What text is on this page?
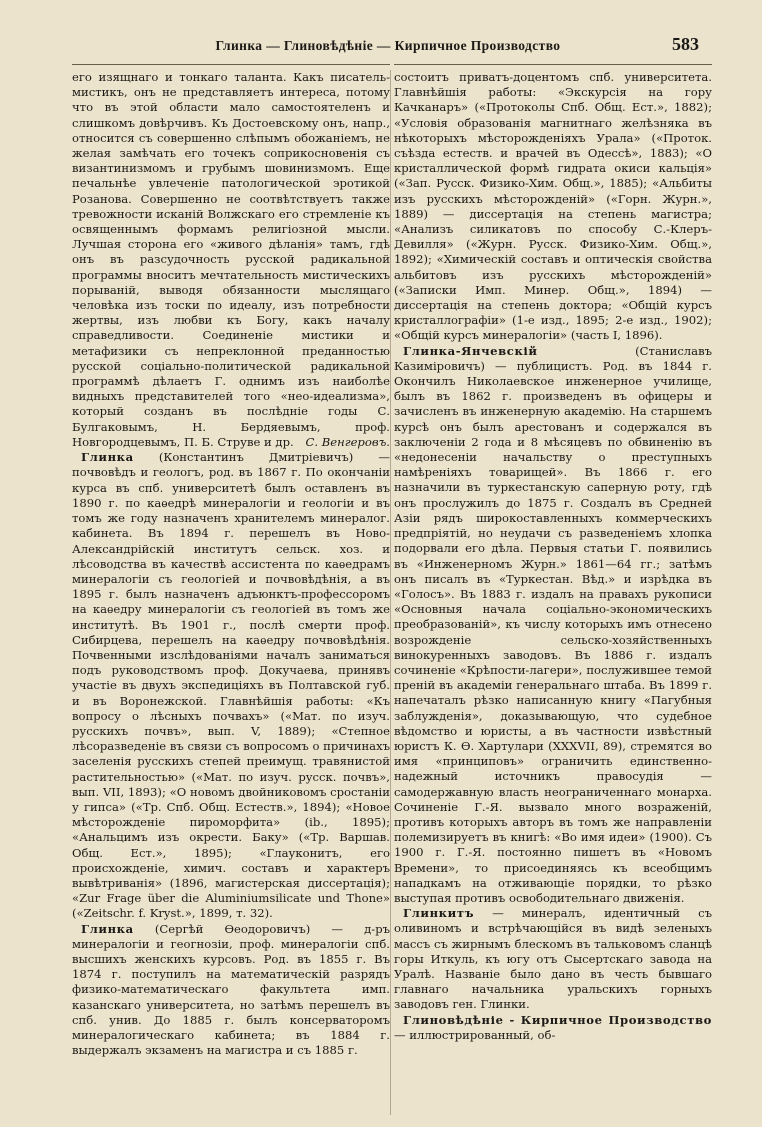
Глинка — Глиновѣдѣніе — Кирпичное Производство	583

его изящнаго и тонкаго таланта. Какъ писатель-мистикъ, онъ не представляетъ интереса, потому что въ этой области мало самостоятеленъ и слишкомъ довѣрчивъ. Къ Достоевскому онъ, напр., относится съ совершенно слѣпымъ обожаніемъ, не желая замѣчать его точекъ соприкосновенія съ византинизмомъ и грубымъ шовинизмомъ. Еще печальнѣе увлеченіе патологической эротикой Розанова. Совершенно не соотвѣтствуетъ также тревожности исканій Волжскаго его стремленіе къ освященнымъ формамъ религіозной мысли. Лучшая сторона его «живого дѣланія» тамъ, гдѣ онъ въ разсудочность русской радикальной программы вноситъ мечтательность мистическихъ порываній, выводя обязанности мыслящаго человѣка изъ тоски по идеалу, изъ потребности жертвы, изъ любви къ Богу, какъ началу справедливости. Соединеніе мистики и метафизики съ непреклонной преданностью русской соціально-политической радикальной программѣ дѣлаетъ Г. однимъ изъ наиболѣе видныхъ представителей того «нео-идеализма», который созданъ въ послѣдніе годы С. Булгаковымъ, Н. Бердяевымъ, проф. Новгородцевымъ, П. Б. Струве и др.	С. Венгеровъ.

Глинка (Константинъ Дмитріевичъ) — почвовѣдъ и геологъ, род. въ 1867 г. По окончаніи курса въ спб. университетѣ былъ оставленъ въ 1890 г. по каѳедрѣ минералогіи и геологіи и въ томъ же году назначенъ хранителемъ минералог. кабинета. Въ 1894 г. перешелъ въ Ново-Александрійскій институтъ сельск. хоз. и лѣсоводства въ качествѣ ассистента по каѳедрамъ минералогіи съ геологіей и почвовѣдѣнія, а въ 1895 г. былъ назначенъ адъюнктъ-профессоромъ на каѳедру минералогіи съ геологіей въ томъ же институтѣ. Въ 1901 г., послѣ смерти проф. Сибирцева, перешелъ на каѳедру почвовѣдѣнія. Почвенными изслѣдованіями началъ заниматься подъ руководствомъ проф. Докучаева, принявъ участіе въ двухъ экспедиціяхъ въ Полтавской губ. и въ Воронежской. Главнѣйшія работы: «Къ вопросу о лѣсныхъ почвахъ» («Мат. по изуч. русскихъ почвъ», вып. V, 1889); «Степное лѣсоразведеніе въ связи съ вопросомъ о причинахъ заселенія русскихъ степей преимущ. травянистой растительностью» («Мат. по изуч. русск. почвъ», вып. VII, 1893); «О новомъ двойниковомъ сростаніи у гипса» («Тр. Спб. Общ. Естеств.», 1894); «Новое мѣсторожденіе пироморфита» (ib., 1895); «Анальцимъ изъ окрести. Баку» («Тр. Варшав. Общ. Ест.», 1895); «Глауконитъ, его происхожденіе, химич. составъ и характеръ вывѣтриванія» (1896, магистерская диссертація); «Zur Frage über die Aluminiumsilicate und Thone» («Zeitschr. f. Kryst.», 1899, т. 32).

Глинка (Сергѣй Ѳеодоровичъ) — д-ръ минералогіи и геогнозіи, проф. минералогіи спб. высшихъ женскихъ курсовъ. Род. въ 1855 г. Въ 1874 г. поступилъ на математическій разрядъ физико-математическаго факультета имп. казанскаго университета, но затѣмъ перешелъ въ спб. унив. До 1885 г. былъ консерваторомъ минералогическаго кабинета; въ 1884 г. выдержалъ экзаменъ на магистра и съ 1885 г.

состоитъ приватъ-доцентомъ спб. университета. Главнѣйшія работы: «Экскурсія на гору Качканаръ» («Протоколы Спб. Общ. Ест.», 1882); «Условія образованія магнитнаго желѣзняка въ нѣкоторыхъ мѣсторожденіяхъ Урала» («Проток. съѣзда естеств. и врачей въ Одессѣ», 1883); «О кристаллической формѣ гидрата окиси кальція» («Зап. Русск. Физико-Хим. Общ.», 1885); «Альбиты изъ русскихъ мѣсторожденій» («Горн. Журн.», 1889) — диссертація на степень магистра; «Анализъ силикатовъ по способу С.-Клеръ-Девилля» («Журн. Русск. Физико-Хим. Общ.», 1892); «Химическій составъ и оптическія свойства альбитовъ изъ русскихъ мѣсторожденій» («Записки Имп. Минер. Общ.», 1894) — диссертація на степень доктора; «Общій курсъ кристаллографіи» (1-е изд., 1895; 2-е изд., 1902); «Общій курсъ минералогіи» (часть I, 1896).

Глинка-Янчевскій (Станиславъ Казиміровичъ) — публицистъ. Род. въ 1844 г. Окончилъ Николаевское инженерное училище, былъ въ 1862 г. произведенъ въ офицеры и зачисленъ въ инженерную академію. На старшемъ курсѣ онъ былъ арестованъ и содержался въ заключеніи 2 года и 8 мѣсяцевъ по обвиненію въ «недонесеніи начальству о преступныхъ намѣреніяхъ товарищей». Въ 1866 г. его назначили въ туркестанскую саперную роту, гдѣ онъ прослужилъ до 1875 г. Создалъ въ Средней Азіи рядъ широкоставленныхъ коммерческихъ предпріятій, но неудачи съ разведеніемъ хлопка подорвали его дѣла. Первыя статьи Г. появились въ «Инженерномъ Журн.» 1861—64 гг.; затѣмъ онъ писалъ въ «Туркестан. Вѣд.» и изрѣдка въ «Голосъ». Въ 1883 г. издалъ на правахъ рукописи «Основныя начала соціально-экономическихъ преобразованій», къ числу которыхъ имъ отнесено возрожденіе сельско-хозяйственныхъ винокуренныхъ заводовъ. Въ 1886 г. издалъ сочиненіе «Крѣпости-лагери», послужившее темой преній въ академіи генеральнаго штаба. Въ 1899 г. напечаталъ рѣзко написанную книгу «Пагубныя заблужденія», доказывающую, что судебное вѣдомство и юристы, а въ частности извѣстный юристъ К. Ѳ. Хартулари (XXXVII, 89), стремятся во имя «принциповъ» ограничить единственно-надежный источникъ правосудія — самодержавную власть неограниченнаго монарха. Сочиненіе Г.-Я. вызвало много возраженій, противъ которыхъ авторъ въ томъ же направленіи полемизируетъ въ книгѣ: «Во имя идеи» (1900). Съ 1900 г. Г.-Я. постоянно пишетъ въ «Новомъ Времени», то присоединяясь къ всеобщимъ нападкамъ на отживающіе порядки, то рѣзко выступая противъ освободительнаго движенія.

Глинкитъ — минералъ, идентичный съ оливиномъ и встрѣчающійся въ видѣ зеленыхъ массъ съ жирнымъ блескомъ въ тальковомъ сланцѣ горы Иткуль, къ югу отъ Сысертскаго завода на Уралѣ. Названіе было дано въ честь бывшаго главнаго начальника уральскихъ горныхъ заводовъ ген. Глинки.

Глиновѣдѣніе - Кирпичное Производство — иллюстрированный, об-
